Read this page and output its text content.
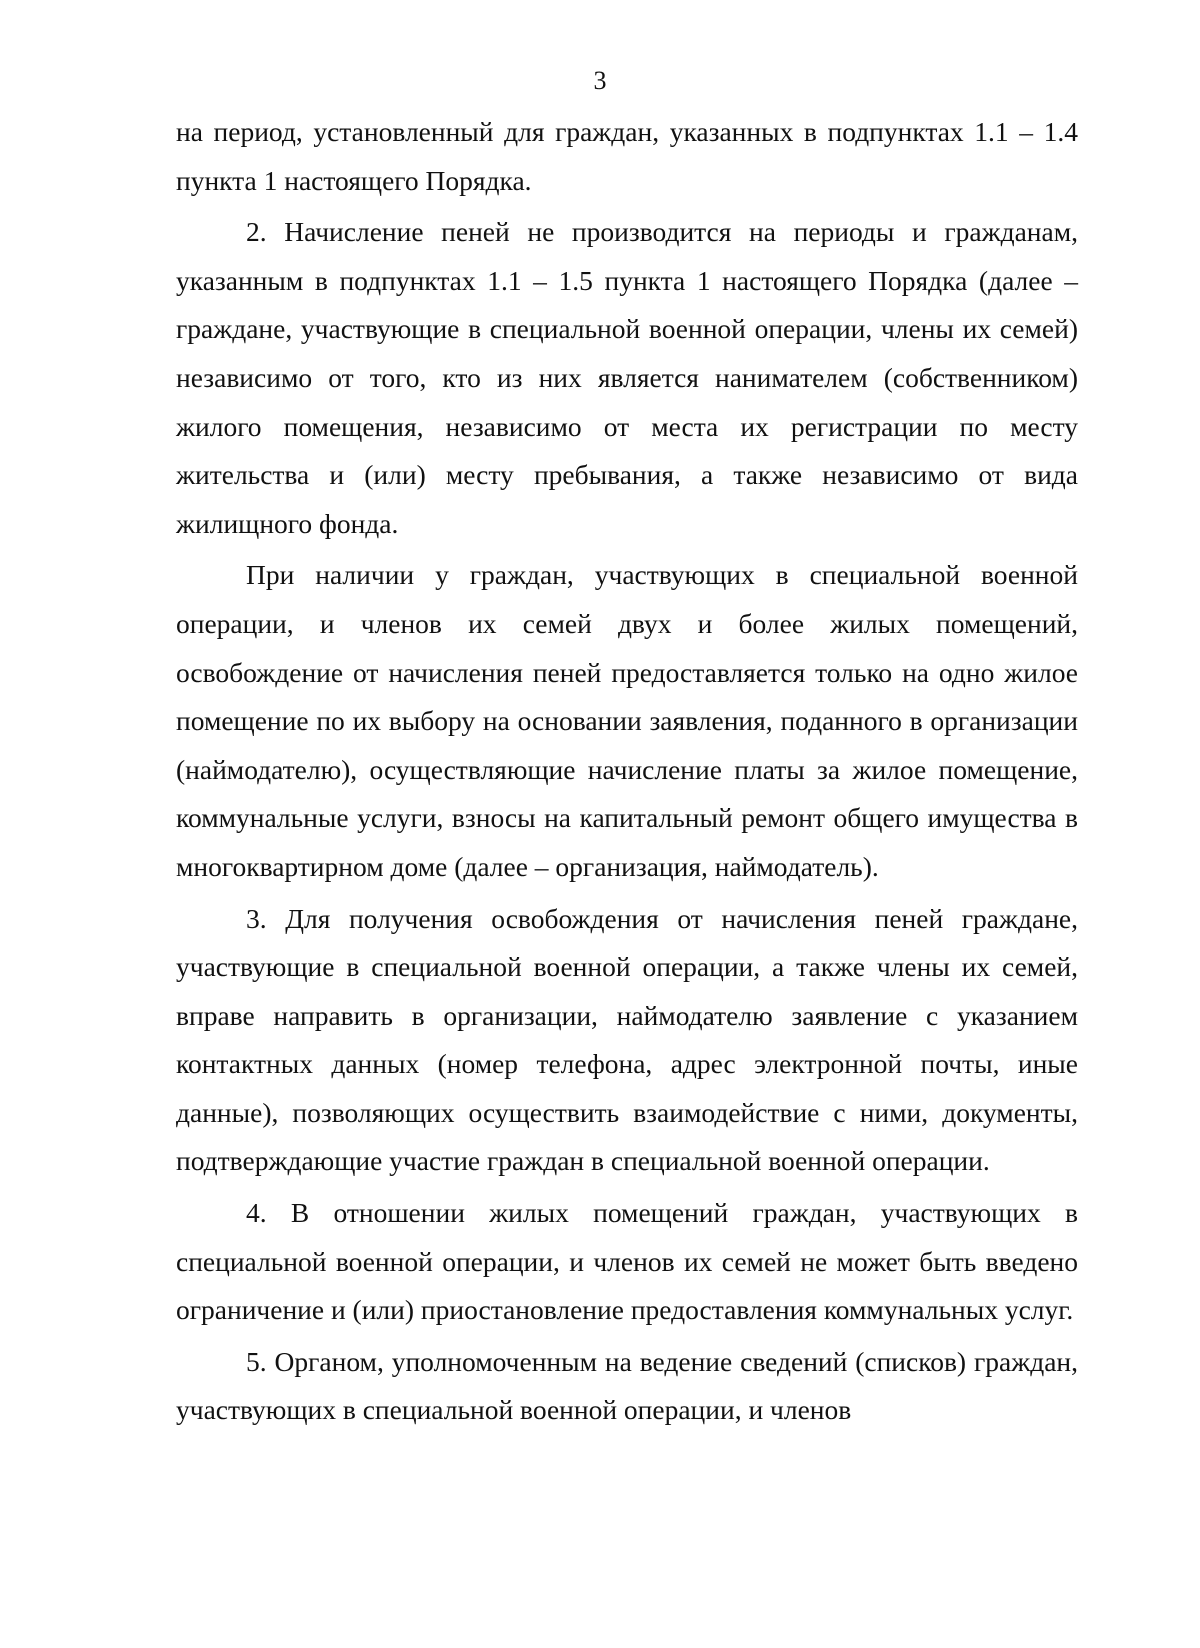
3

на период, установленный для граждан, указанных в подпунктах 1.1 – 1.4 пункта 1 настоящего Порядка.

2. Начисление пеней не производится на периоды и гражданам, указанным в подпунктах 1.1 – 1.5 пункта 1 настоящего Порядка (далее – граждане, участвующие в специальной военной операции, члены их семей) независимо от того, кто из них является нанимателем (собственником) жилого помещения, независимо от места их регистрации по месту жительства и (или) месту пребывания, а также независимо от вида жилищного фонда.

При наличии у граждан, участвующих в специальной военной операции, и членов их семей двух и более жилых помещений, освобождение от начисления пеней предоставляется только на одно жилое помещение по их выбору на основании заявления, поданного в организации (наймодателю), осуществляющие начисление платы за жилое помещение, коммунальные услуги, взносы на капитальный ремонт общего имущества в многоквартирном доме (далее – организация, наймодатель).

3. Для получения освобождения от начисления пеней граждане, участвующие в специальной военной операции, а также члены их семей, вправе направить в организации, наймодателю заявление с указанием контактных данных (номер телефона, адрес электронной почты, иные данные), позволяющих осуществить взаимодействие с ними, документы, подтверждающие участие граждан в специальной военной операции.

4. В отношении жилых помещений граждан, участвующих в специальной военной операции, и членов их семей не может быть введено ограничение и (или) приостановление предоставления коммунальных услуг.

5. Органом, уполномоченным на ведение сведений (списков) граждан, участвующих в специальной военной операции, и членов
